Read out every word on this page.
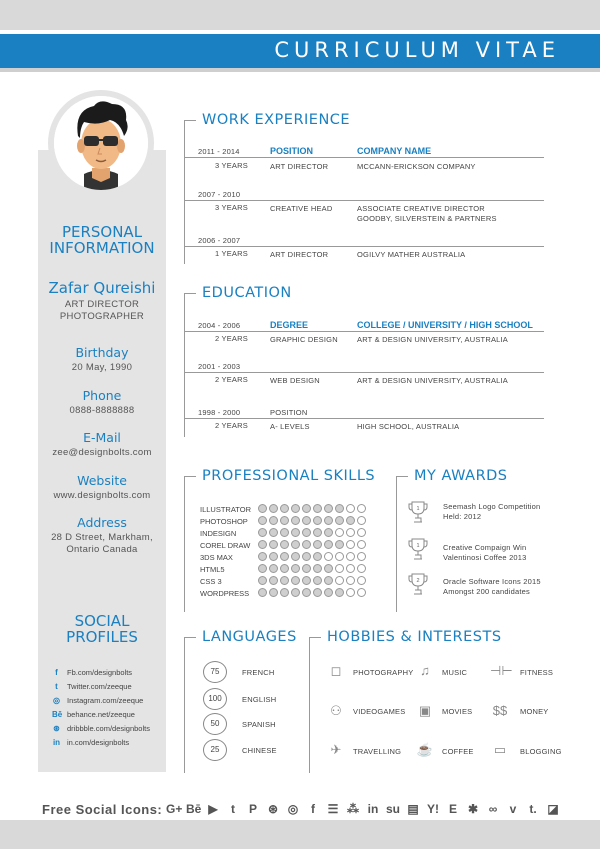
CURRICULUM VITAE
PERSONAL
INFORMATION
Zafar Qureishi
ART DIRECTOR
PHOTOGRAPHER
Birthday
20 May, 1990
Phone
0888-8888888
E-Mail
zee@designbolts.com
Website
www.designbolts.com
Address
28 D Street, Markham,
Ontario Canada
SOCIAL
PROFILES
f	Fb.com/designbolts
t	Twitter.com/zeeque
◎ Instagram.com/zeeque
Bē behance.net/zeeque
⊛ dribbble.com/designbolts
in in.com/designbolts
WORK EXPERIENCE
2011 - 2014	POSITION	COMPANY NAME
3 YEARS	ART DIRECTOR	MCCANN-ERICKSON COMPANY
2007 - 2010
3 YEARS	CREATIVE HEAD	ASSOCIATE CREATIVE DIRECTOR
GOODBY, SILVERSTEIN & PARTNERS
2006 - 2007
1 YEARS	ART DIRECTOR	OGILVY MATHER AUSTRALIA
EDUCATION
2004 - 2006	DEGREE	COLLEGE / UNIVERSITY / HIGH SCHOOL
2 YEARS	GRAPHIC DESIGN	ART & DESIGN UNIVERSITY, AUSTRALIA
2001 - 2003
2 YEARS	WEB DESIGN	ART & DESIGN UNIVERSITY, AUSTRALIA
1998 - 2000	POSITION
2 YEARS	A- LEVELS	HIGH SCHOOL, AUSTRALIA
PROFESSIONAL SKILLS
ILLUSTRATOR
PHOTOSHOP
INDESIGN
COREL DRAW
3DS MAX
HTML5
CSS 3
WORDPRESS
MY AWARDS
1	Seemash Logo Competition
Held: 2012
1	Creative Compaign Win
Valentinosi Coffee 2013
2	Oracle Software Icons 2015
Amongst 200 candidates
LANGUAGES
75	FRENCH
100	ENGLISH
50	SPANISH
25	CHINESE
HOBBIES & INTERESTS
◻	PHOTOGRAPHY ♫	MUSIC ⊣⊢ FITNESS
⚇	VIDEOGAMES ▣	MOVIES $$	MONEY
✈	TRAVELLING ☕ COFFEE ▭	BLOGGING
Free Social Icons: G+ Bē ▶	t	P ⊛ ◎	f	☰ ⁂ in su ▤ Y! E ✱ ∞	v	t. ◪
